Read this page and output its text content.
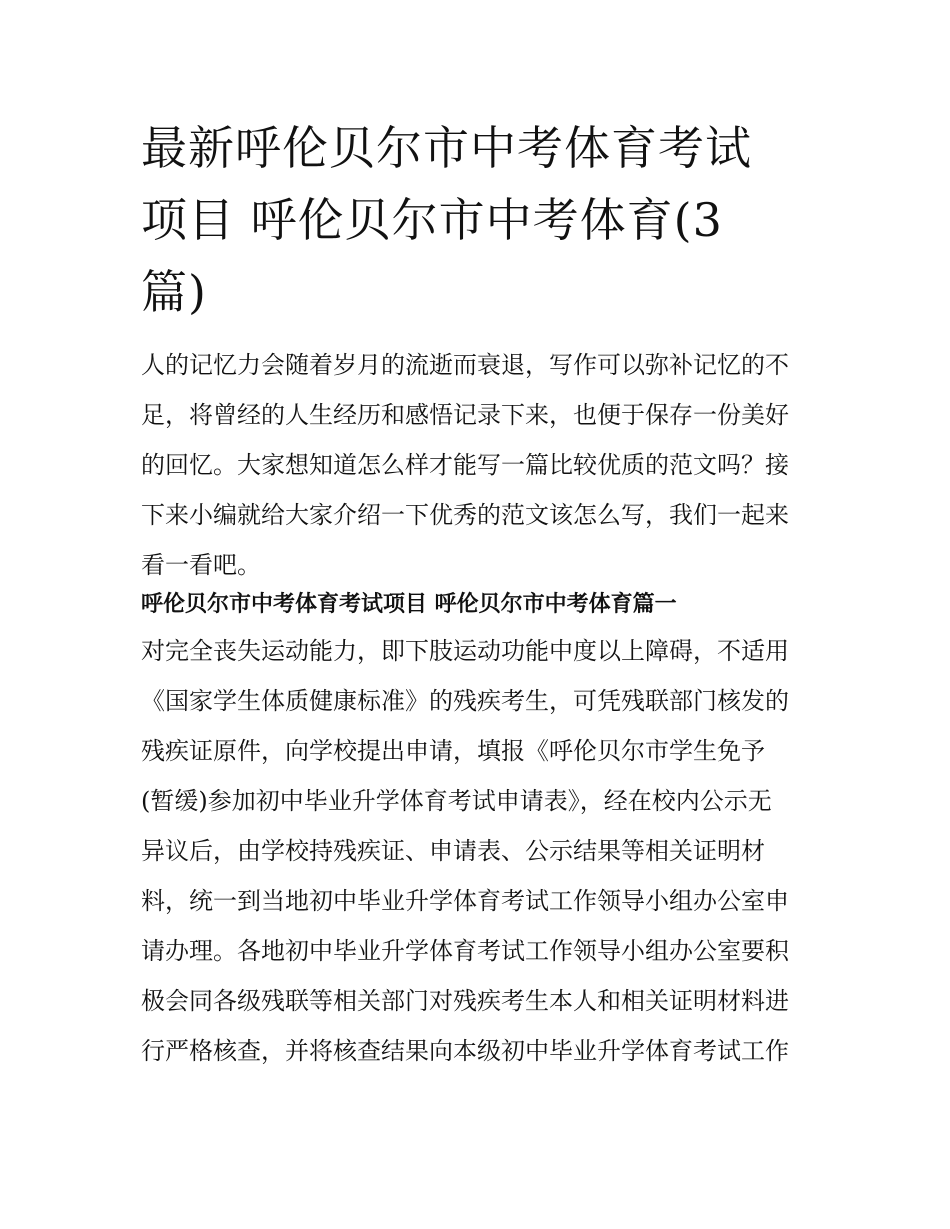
最新呼伦贝尔市中考体育考试
项目 呼伦贝尔市中考体育(3
篇)

人的记忆力会随着岁月的流逝而衰退，写作可以弥补记忆的不
足，将曾经的人生经历和感悟记录下来，也便于保存一份美好
的回忆。大家想知道怎么样才能写一篇比较优质的范文吗？接
下来小编就给大家介绍一下优秀的范文该怎么写，我们一起来
看一看吧。

呼伦贝尔市中考体育考试项目 呼伦贝尔市中考体育篇一

对完全丧失运动能力，即下肢运动功能中度以上障碍，不适用
《国家学生体质健康标准》的残疾考生，可凭残联部门核发的
残疾证原件，向学校提出申请，填报《呼伦贝尔市学生免予
(暂缓)参加初中毕业升学体育考试申请表》，经在校内公示无
异议后，由学校持残疾证、申请表、公示结果等相关证明材
料，统一到当地初中毕业升学体育考试工作领导小组办公室申
请办理。各地初中毕业升学体育考试工作领导小组办公室要积
极会同各级残联等相关部门对残疾考生本人和相关证明材料进
行严格核查，并将核查结果向本级初中毕业升学体育考试工作
